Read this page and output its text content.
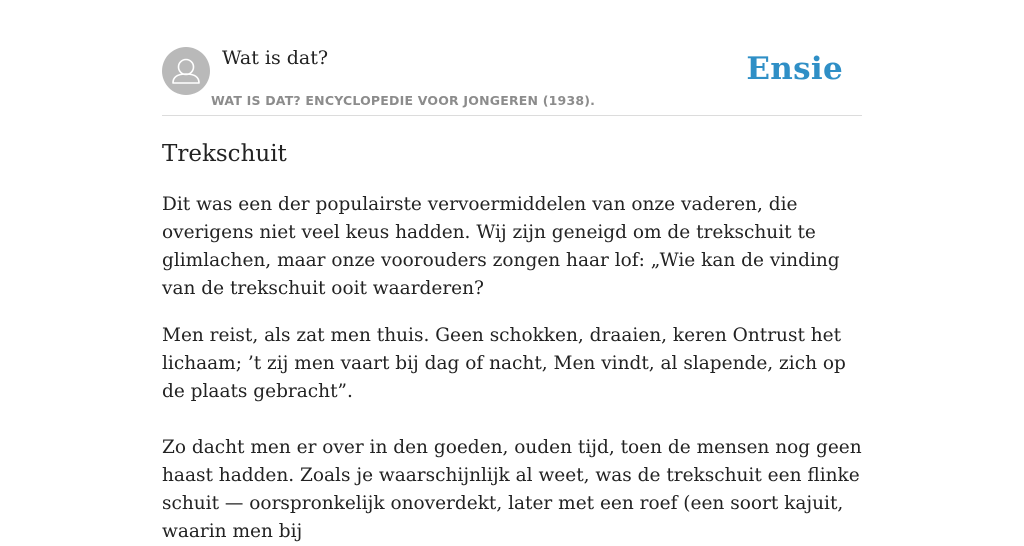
Wat is dat?
WAT IS DAT? ENCYCLOPEDIE VOOR JONGEREN (1938).
Ensie
Trekschuit

Dit was een der populairste vervoermiddelen van onze vaderen, die overigens niet veel keus hadden. Wij zijn geneigd om de trekschuit te glimlachen, maar onze voorouders zongen haar lof: „Wie kan de vinding van de trekschuit ooit waarderen?

Men reist, als zat men thuis. Geen schokken, draaien, keren Ontrust het lichaam; ’t zij men vaart bij dag of nacht, Men vindt, al slapende, zich op de plaats gebracht”.

Zo dacht men er over in den goeden, ouden tijd, toen de mensen nog geen haast hadden. Zoals je waarschijnlijk al weet, was de trekschuit een flinke schuit — oorspronkelijk onoverdekt, later met een roef (een soort kajuit, waarin men bij
